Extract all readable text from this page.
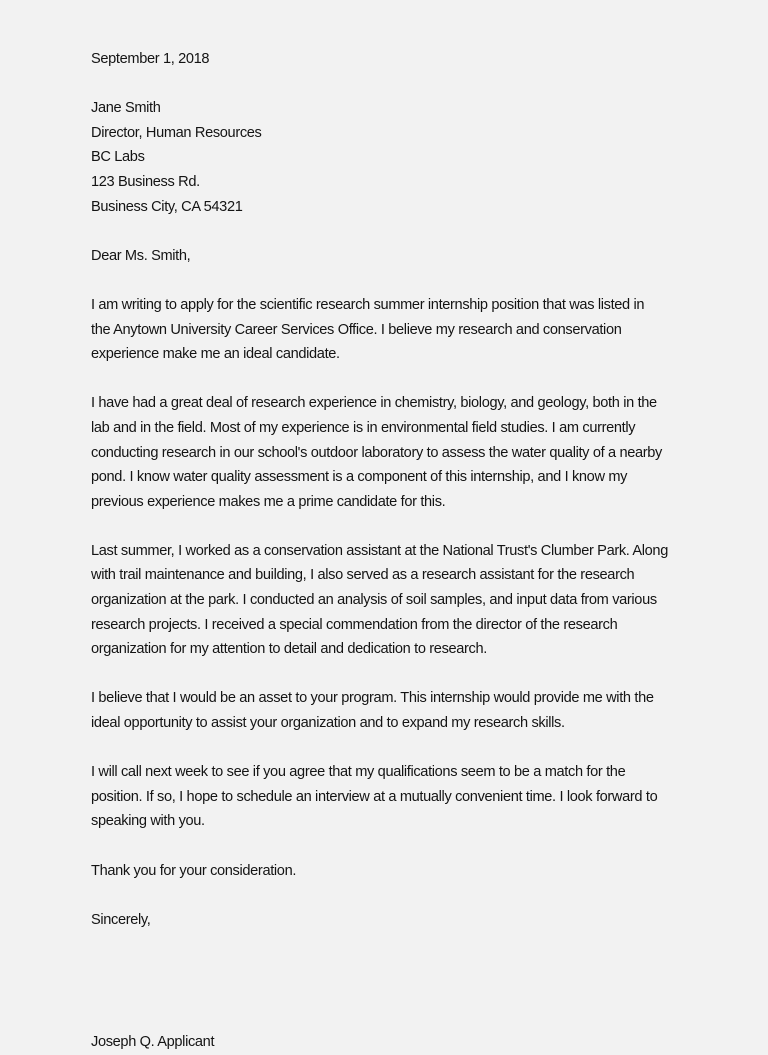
September 1, 2018
Jane Smith
Director, Human Resources
BC Labs
123 Business Rd.
Business City, CA 54321
Dear Ms. Smith,
I am writing to apply for the scientific research summer internship position that was listed in
the Anytown University Career Services Office. I believe my research and conservation
experience make me an ideal candidate.
I have had a great deal of research experience in chemistry, biology, and geology, both in the
lab and in the field. Most of my experience is in environmental field studies. I am currently
conducting research in our school's outdoor laboratory to assess the water quality of a nearby
pond. I know water quality assessment is a component of this internship, and I know my
previous experience makes me a prime candidate for this.
Last summer, I worked as a conservation assistant at the National Trust's Clumber Park. Along
with trail maintenance and building, I also served as a research assistant for the research
organization at the park. I conducted an analysis of soil samples, and input data from various
research projects. I received a special commendation from the director of the research
organization for my attention to detail and dedication to research.
I believe that I would be an asset to your program. This internship would provide me with the
ideal opportunity to assist your organization and to expand my research skills.
I will call next week to see if you agree that my qualifications seem to be a match for the
position. If so, I hope to schedule an interview at a mutually convenient time. I look forward to
speaking with you.
Thank you for your consideration.
Sincerely,
Joseph Q. Applicant
